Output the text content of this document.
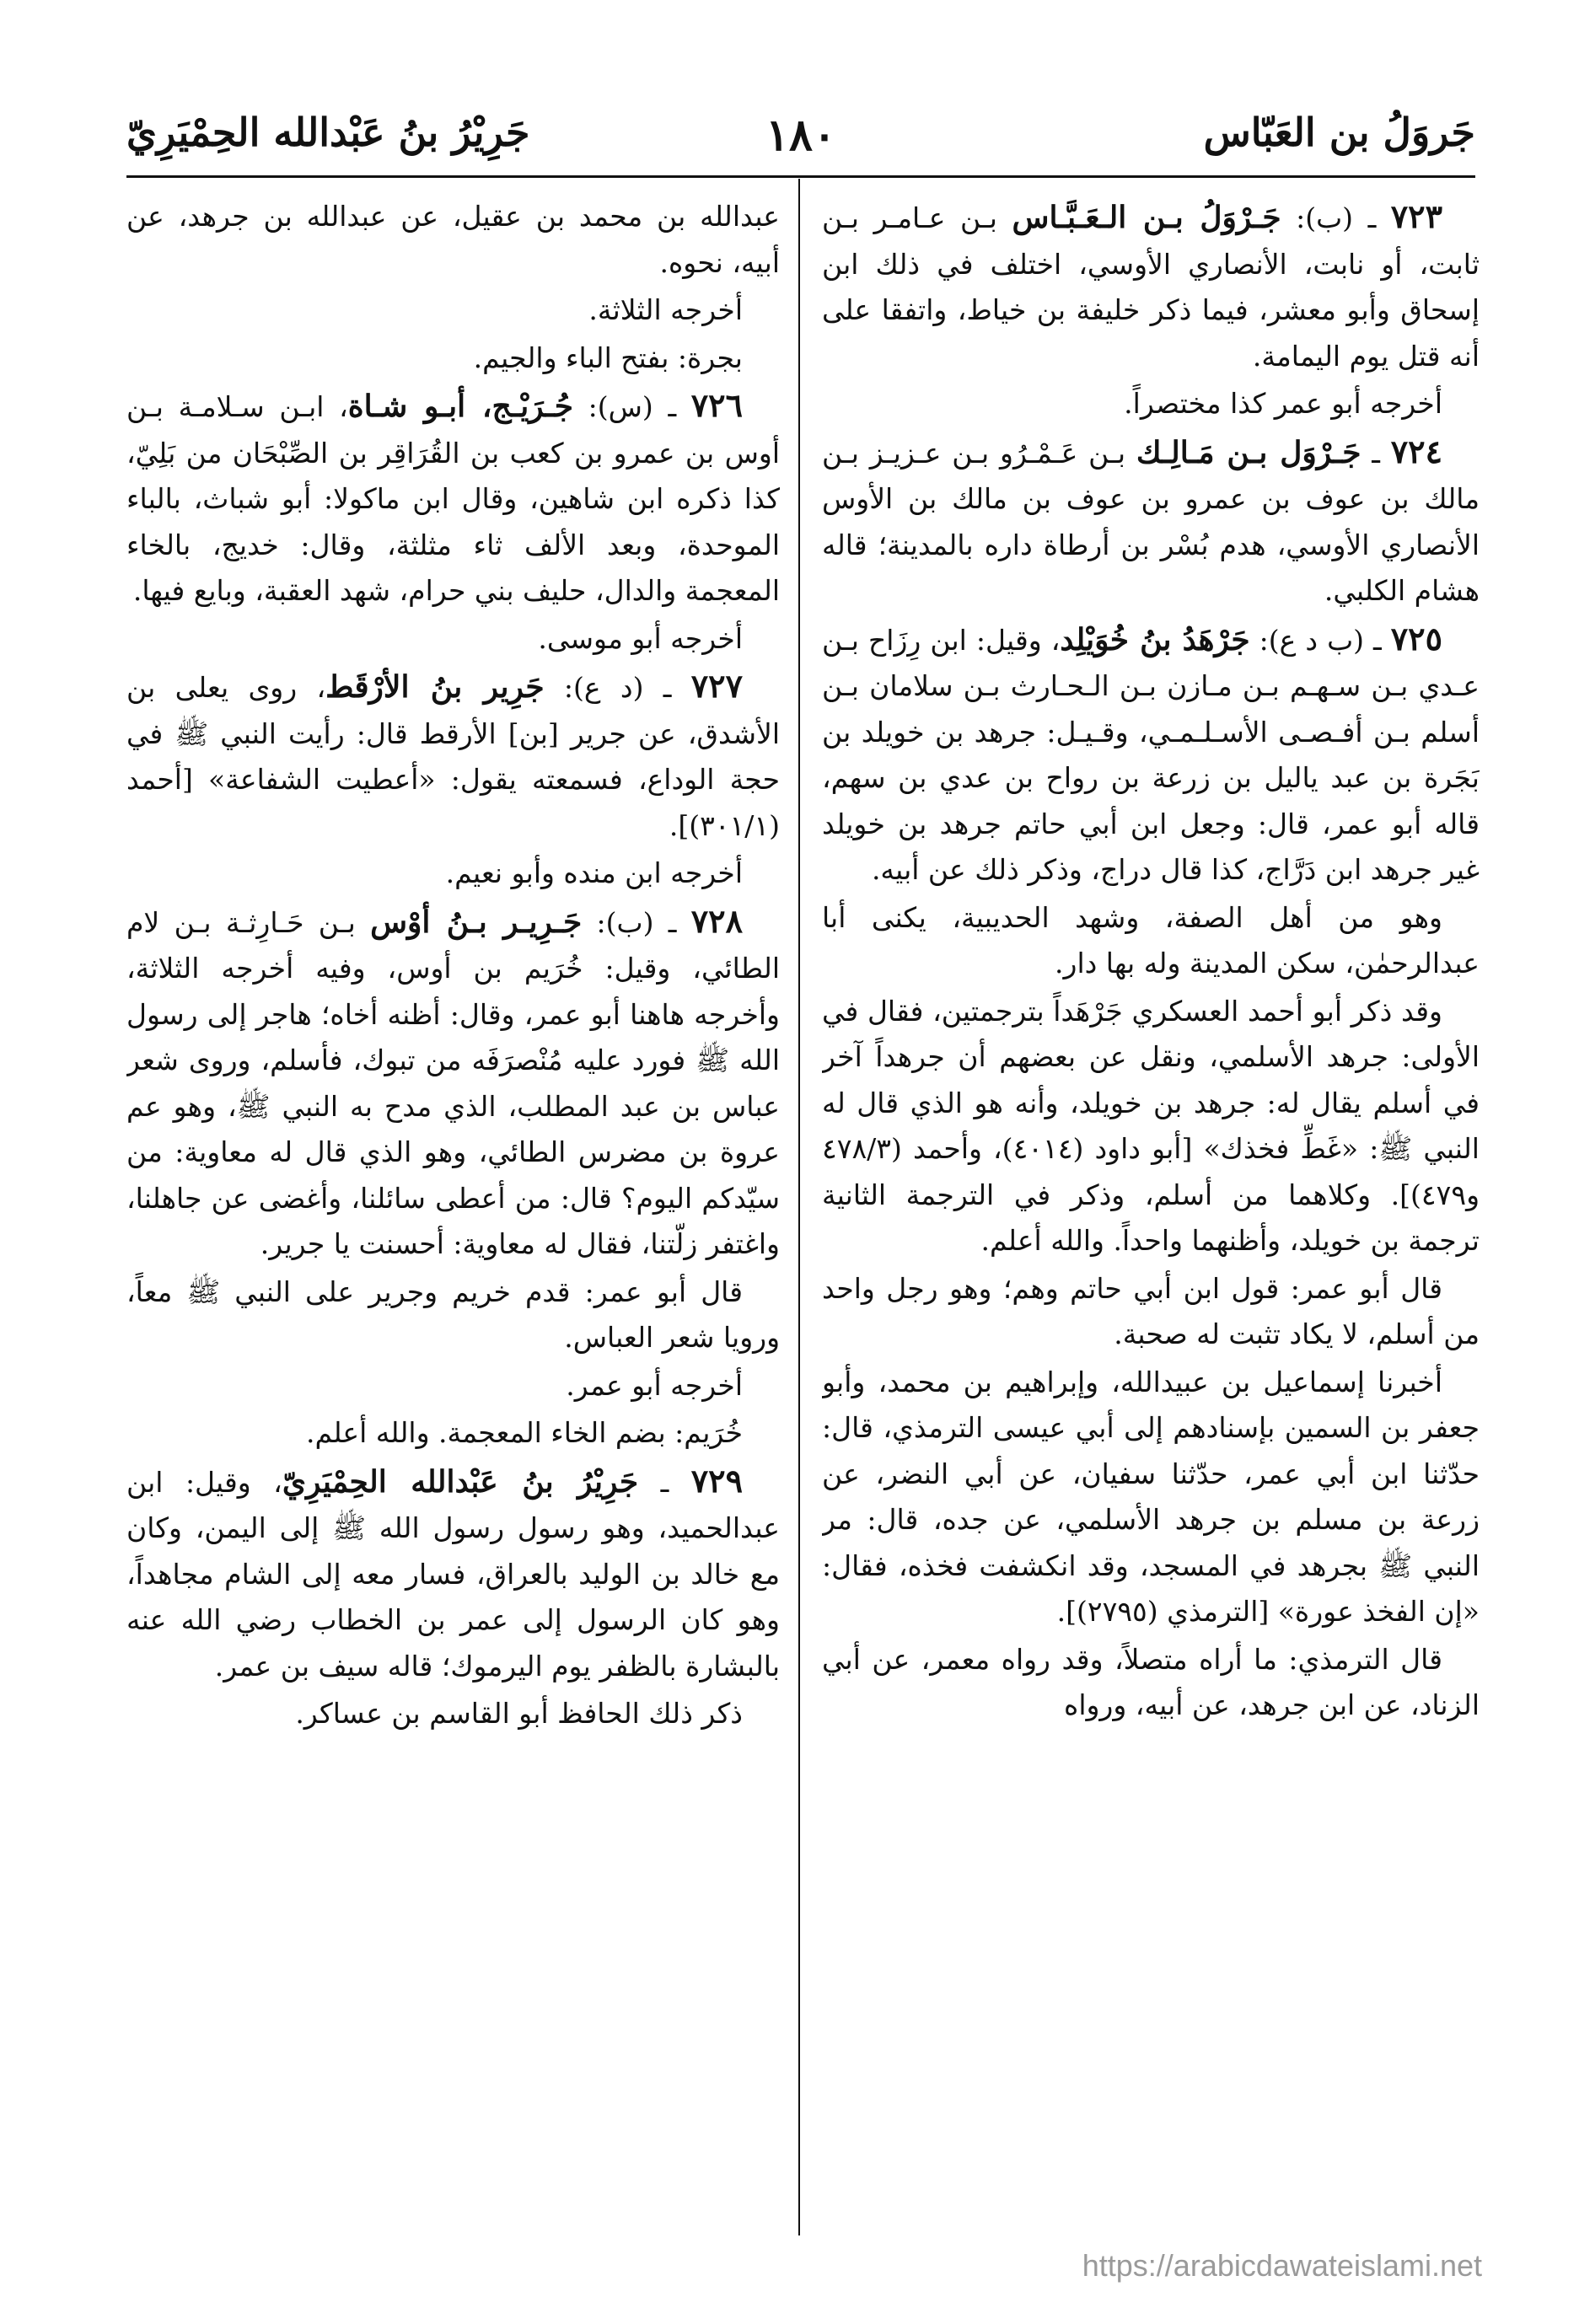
جَروَلُ بن العَبّاس
١٨٠
جَرِيْرُ بنُ عَبْدالله الحِمْيَرِيّ

٧٢٣ ـ (ب): جَـرْوَلُ بـن الـعَـبَّـاس بـن عـامـر بـن ثابت، أو نابت، الأنصاري الأوسي، اختلف في ذلك ابن إسحاق وأبو معشر، فيما ذكر خليفة بن خياط، واتفقا على أنه قتل يوم اليمامة.

أخرجه أبو عمر كذا مختصراً.

٧٢٤ ـ جَـرْوَل بـن مَـالِـك بـن عَـمْـرُو بـن عـزيـز بـن مالك بن عوف بن عمرو بن عوف بن مالك بن الأوس الأنصاري الأوسي، هدم بُسْر بن أرطاة داره بالمدينة؛ قاله هشام الكلبي.

٧٢٥ ـ (ب د ع): جَرْهَدُ بنُ خُوَيْلِد، وقيل: ابن رِزَاح بـن عـدي بـن سـهـم بـن مـازن بـن الـحـارث بـن سلامان بـن أسلم بـن أفـصـى الأسـلـمـي، وقـيـل: جرهد بن خويلد بن بَجَرة بن عبد ياليل بن زرعة بن رواح بن عدي بن سهم، قاله أبو عمر، قال: وجعل ابن أبي حاتم جرهد بن خويلد غير جرهد ابن دَرَّاج، كذا قال دراج، وذكر ذلك عن أبيه.

وهو من أهل الصفة، وشهد الحديبية، يكنى أبا عبدالرحمٰن، سكن المدينة وله بها دار.

وقد ذكر أبو أحمد العسكري جَرْهَداً بترجمتين، فقال في الأولى: جرهد الأسلمي، ونقل عن بعضهم أن جرهداً آخر في أسلم يقال له: جرهد بن خويلد، وأنه هو الذي قال له النبي ﷺ: «غَطِّ فخذك» [أبو داود (٤٠١٤)، وأحمد (٤٧٨/٣ و٤٧٩)]. وكلاهما من أسلم، وذكر في الترجمة الثانية ترجمة بن خويلد، وأظنهما واحداً. والله أعلم.

قال أبو عمر: قول ابن أبي حاتم وهم؛ وهو رجل واحد من أسلم، لا يكاد تثبت له صحبة.

أخبرنا إسماعيل بن عبيدالله، وإبراهيم بن محمد، وأبو جعفر بن السمين بإسنادهم إلى أبي عيسى الترمذي، قال: حدّثنا ابن أبي عمر، حدّثنا سفيان، عن أبي النضر، عن زرعة بن مسلم بن جرهد الأسلمي، عن جده، قال: مر النبي ﷺ بجرهد في المسجد، وقد انكشفت فخذه، فقال: «إن الفخذ عورة» [الترمذي (٢٧٩٥)].

قال الترمذي: ما أراه متصلاً، وقد رواه معمر، عن أبي الزناد، عن ابن جرهد، عن أبيه، ورواه

عبدالله بن محمد بن عقيل، عن عبدالله بن جرهد، عن أبيه، نحوه.

أخرجه الثلاثة.

بجرة: بفتح الباء والجيم.

٧٢٦ ـ (س): جُـرَيْـج، أبـو شـاة، ابـن سـلامـة بـن أوس بن عمرو بن كعب بن القُرَاقِر بن الصِّبْحَان من بَلِيّ، كذا ذكره ابن شاهين، وقال ابن ماكولا: أبو شباث، بالباء الموحدة، وبعد الألف ثاء مثلثة، وقال: خديج، بالخاء المعجمة والدال، حليف بني حرام، شهد العقبة، وبايع فيها.

أخرجه أبو موسى.

٧٢٧ ـ (د ع): جَرِير بنُ الأرْقَط، روى يعلى بن الأشدق، عن جرير [بن] الأرقط قال: رأيت النبي ﷺ في حجة الوداع، فسمعته يقول: «أعطيت الشفاعة» [أحمد (٣٠١/١)].

أخرجه ابن منده وأبو نعيم.

٧٢٨ ـ (ب): جَـرِيـر بـنُ أوْس بـن حَـارِثـة بـن لام الطائي، وقيل: خُرَيم بن أوس، وفيه أخرجه الثلاثة، وأخرجه هاهنا أبو عمر، وقال: أظنه أخاه؛ هاجر إلى رسول الله ﷺ فورد عليه مُنْصرَفَه من تبوك، فأسلم، وروى شعر عباس بن عبد المطلب، الذي مدح به النبي ﷺ، وهو عم عروة بن مضرس الطائي، وهو الذي قال له معاوية: من سيّدكم اليوم؟ قال: من أعطى سائلنا، وأغضى عن جاهلنا، واغتفر زلّتنا، فقال له معاوية: أحسنت يا جرير.

قال أبو عمر: قدم خريم وجرير على النبي ﷺ معاً، ورويا شعر العباس.

أخرجه أبو عمر.

خُرَيم: بضم الخاء المعجمة. والله أعلم.

٧٢٩ ـ جَرِيْرُ بنُ عَبْدالله الحِمْيَرِيّ، وقيل: ابن عبدالحميد، وهو رسول رسول الله ﷺ إلى اليمن، وكان مع خالد بن الوليد بالعراق، فسار معه إلى الشام مجاهداً، وهو كان الرسول إلى عمر بن الخطاب رضي الله عنه بالبشارة بالظفر يوم اليرموك؛ قاله سيف بن عمر.

ذكر ذلك الحافظ أبو القاسم بن عساكر.

https://arabicdawateislami.net
